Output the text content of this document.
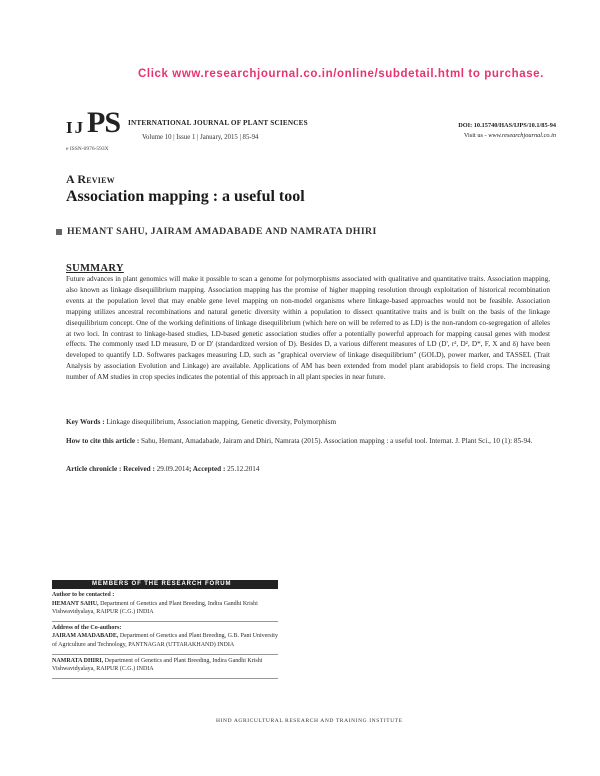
Click www.researchjournal.co.in/online/subdetail.html to purchase.
IJ PS INTERNATIONAL JOURNAL OF PLANT SCIENCES
Volume 10 | Issue 1 | January, 2015 | 85-94
e ISSN-0976-593X
DOI: 10.15740/HAS/IJPS/10.1/85-94
Visit us - www.researchjournal.co.in
A Review
Association mapping : a useful tool
HEMANT SAHU, JAIRAM AMADABADE AND NAMRATA DHIRI
SUMMARY
Future advances in plant genomics will make it possible to scan a genome for polymorphisms associated with qualitative and quantitative traits. Association mapping, also known as linkage disequilibrium mapping. Association mapping has the promise of higher mapping resolution through exploitation of historical recombination events at the population level that may enable gene level mapping on non-model organisms where linkage-based approaches would not be feasible. Association mapping utilizes ancestral recombinations and natural genetic diversity within a population to dissect quantitative traits and is built on the basis of the linkage disequilibrium concept. One of the working definitions of linkage disequilibrium (which here on will be referred to as LD) is the non-random co-segregation of alleles at two loci. In contrast to linkage-based studies, LD-based genetic association studies offer a potentially powerful approach for mapping causal genes with modest effects. The commonly used LD measure, D or D' (standardized version of D). Besides D, a various different measures of LD (D', r², D², D*, F, X and δ) have been developed to quantify LD. Softwares packages measuring LD, such as "graphical overview of linkage disequilibrium" (GOLD), power marker, and TASSEL (Trait Analysis by association Evolution and Linkage) are available. Applications of AM has been extended from model plant arabidopsis to field crops. The increasing number of AM studies in crop species indicates the potential of this approach in all plant species in near future.
Key Words : Linkage disequilibrium, Association mapping, Genetic diversity, Polymorphism
How to cite this article : Sahu, Hemant, Amadabade, Jairam and Dhiri, Namrata (2015). Association mapping : a useful tool. Internat. J. Plant Sci., 10 (1): 85-94.
Article chronicle : Received : 29.09.2014; Accepted : 25.12.2014
MEMBERS OF THE RESEARCH FORUM
Author to be contacted :
HEMANT SAHU, Department of Genetics and Plant Breeding, Indira Gandhi Krishi Vishwavidyalaya, RAIPUR (C.G.) INDIA
Address of the Co-authors:
JAIRAM AMADABADE, Department of Genetics and Plant Breeding, G.B. Pant University of Agriculture and Technology, PANTNAGAR (UTTARAKHAND) INDIA
NAMRATA DHIRI, Department of Genetics and Plant Breeding, Indira Gandhi Krishi Vishwavidyalaya, RAIPUR (C.G.) INDIA
HIND AGRICULTURAL RESEARCH AND TRAINING INSTITUTE
